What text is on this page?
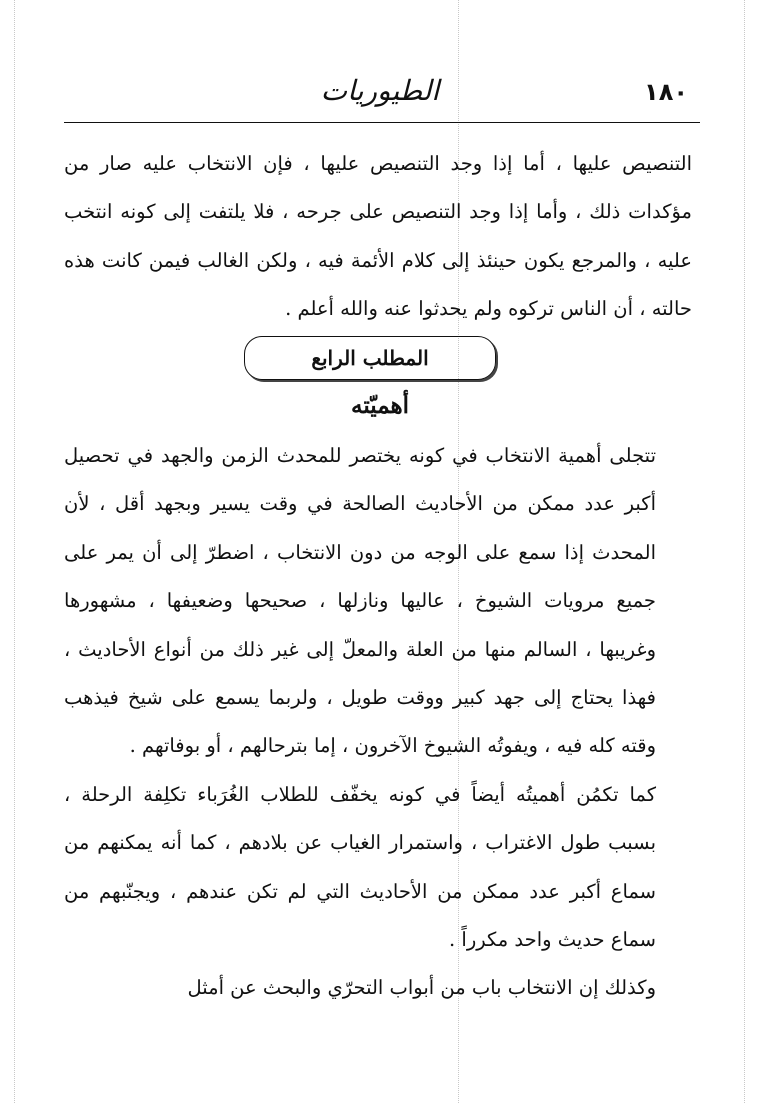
١٨٠
الطيوريات

التنصيص عليها ، أما إذا وجد التنصيص عليها ، فإن الانتخاب عليه صار من مؤكدات ذلك ، وأما إذا وجد التنصيص على جرحه ، فلا يلتفت إلى كونه انتخب عليه ، والمرجع يكون حينئذ إلى كلام الأئمة فيه ، ولكن الغالب فيمن كانت هذه حالته ، أن الناس تركوه ولم يحدثوا عنه والله أعلم .

المطلب الرابع
أهميّته

تتجلى أهمية الانتخاب في كونه يختصر للمحدث الزمن والجهد في تحصيل أكبر عدد ممكن من الأحاديث الصالحة في وقت يسير وبجهد أقل ، لأن المحدث إذا سمع على الوجه من دون الانتخاب ، اضطرّ إلى أن يمر على جميع مرويات الشيوخ ، عاليها ونازلها ، صحيحها وضعيفها ، مشهورها وغريبها ، السالم منها من العلة والمعلّ إلى غير ذلك من أنواع الأحاديث ، فهذا يحتاج إلى جهد كبير ووقت طويل ، ولربما يسمع على شيخ فيذهب وقته كله فيه ، ويفوتُه الشيوخ الآخرون ، إما بترحالهم ، أو بوفاتهم .

كما تكمُن أهميتُه أيضاً في كونه يخفّف للطلاب الغُرَباء تكلِفة الرحلة ، بسبب طول الاغتراب ، واستمرار الغياب عن بلادهم ، كما أنه يمكنهم من سماع أكبر عدد ممكن من الأحاديث التي لم تكن عندهم ، ويجنّبهم من سماع حديث واحد مكرراً .

وكذلك إن الانتخاب باب من أبواب التحرّي والبحث عن أمثل
